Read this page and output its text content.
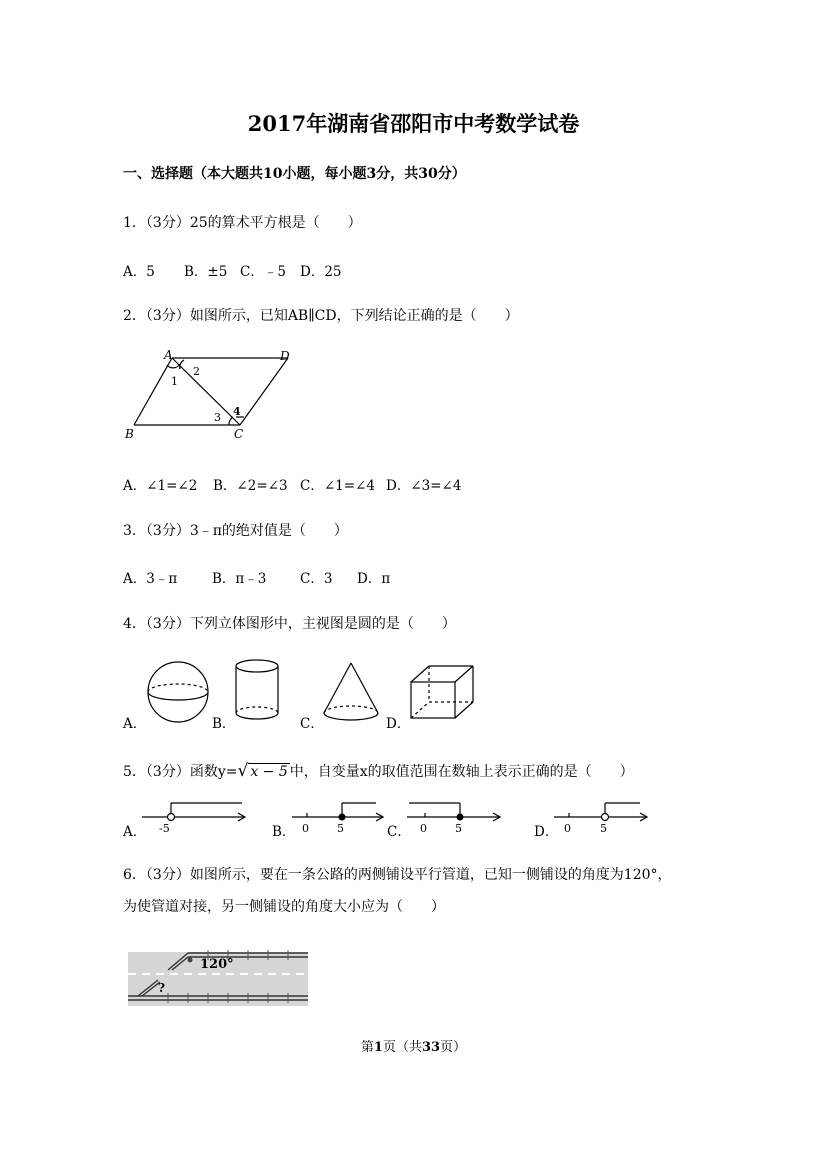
2017年湖南省邵阳市中考数学试卷
一、选择题（本大题共10小题，每小题3分，共30分）
1．（3分）25的算术平方根是（　　）
A．5 B．±5 C．﹣5 D．25
2．（3分）如图所示，已知AB∥CD，下列结论正确的是（　　）
A	D
B	C
1
2
3 4
A．∠1=∠2 B．∠2=∠3 C．∠1=∠4 D．∠3=∠4
3．（3分）3﹣π的绝对值是（　　）
A．3﹣π	B．π﹣3 C．3 D．π
4．（3分）下列立体图形中，主视图是圆的是（　　）
A．	B．	C．	D．
5．（3分）函数y=√ x − 5 中，自变量x的取值范围在数轴上表示正确的是（　　）
A． -5	B． 0	5	C． 0	5	D． 0	5
6．（3分）如图所示，要在一条公路的两侧铺设平行管道，已知一侧铺设的角度为120°，
为使管道对接，另一侧铺设的角度大小应为（　　）
120°
?
第1页（共33页）
